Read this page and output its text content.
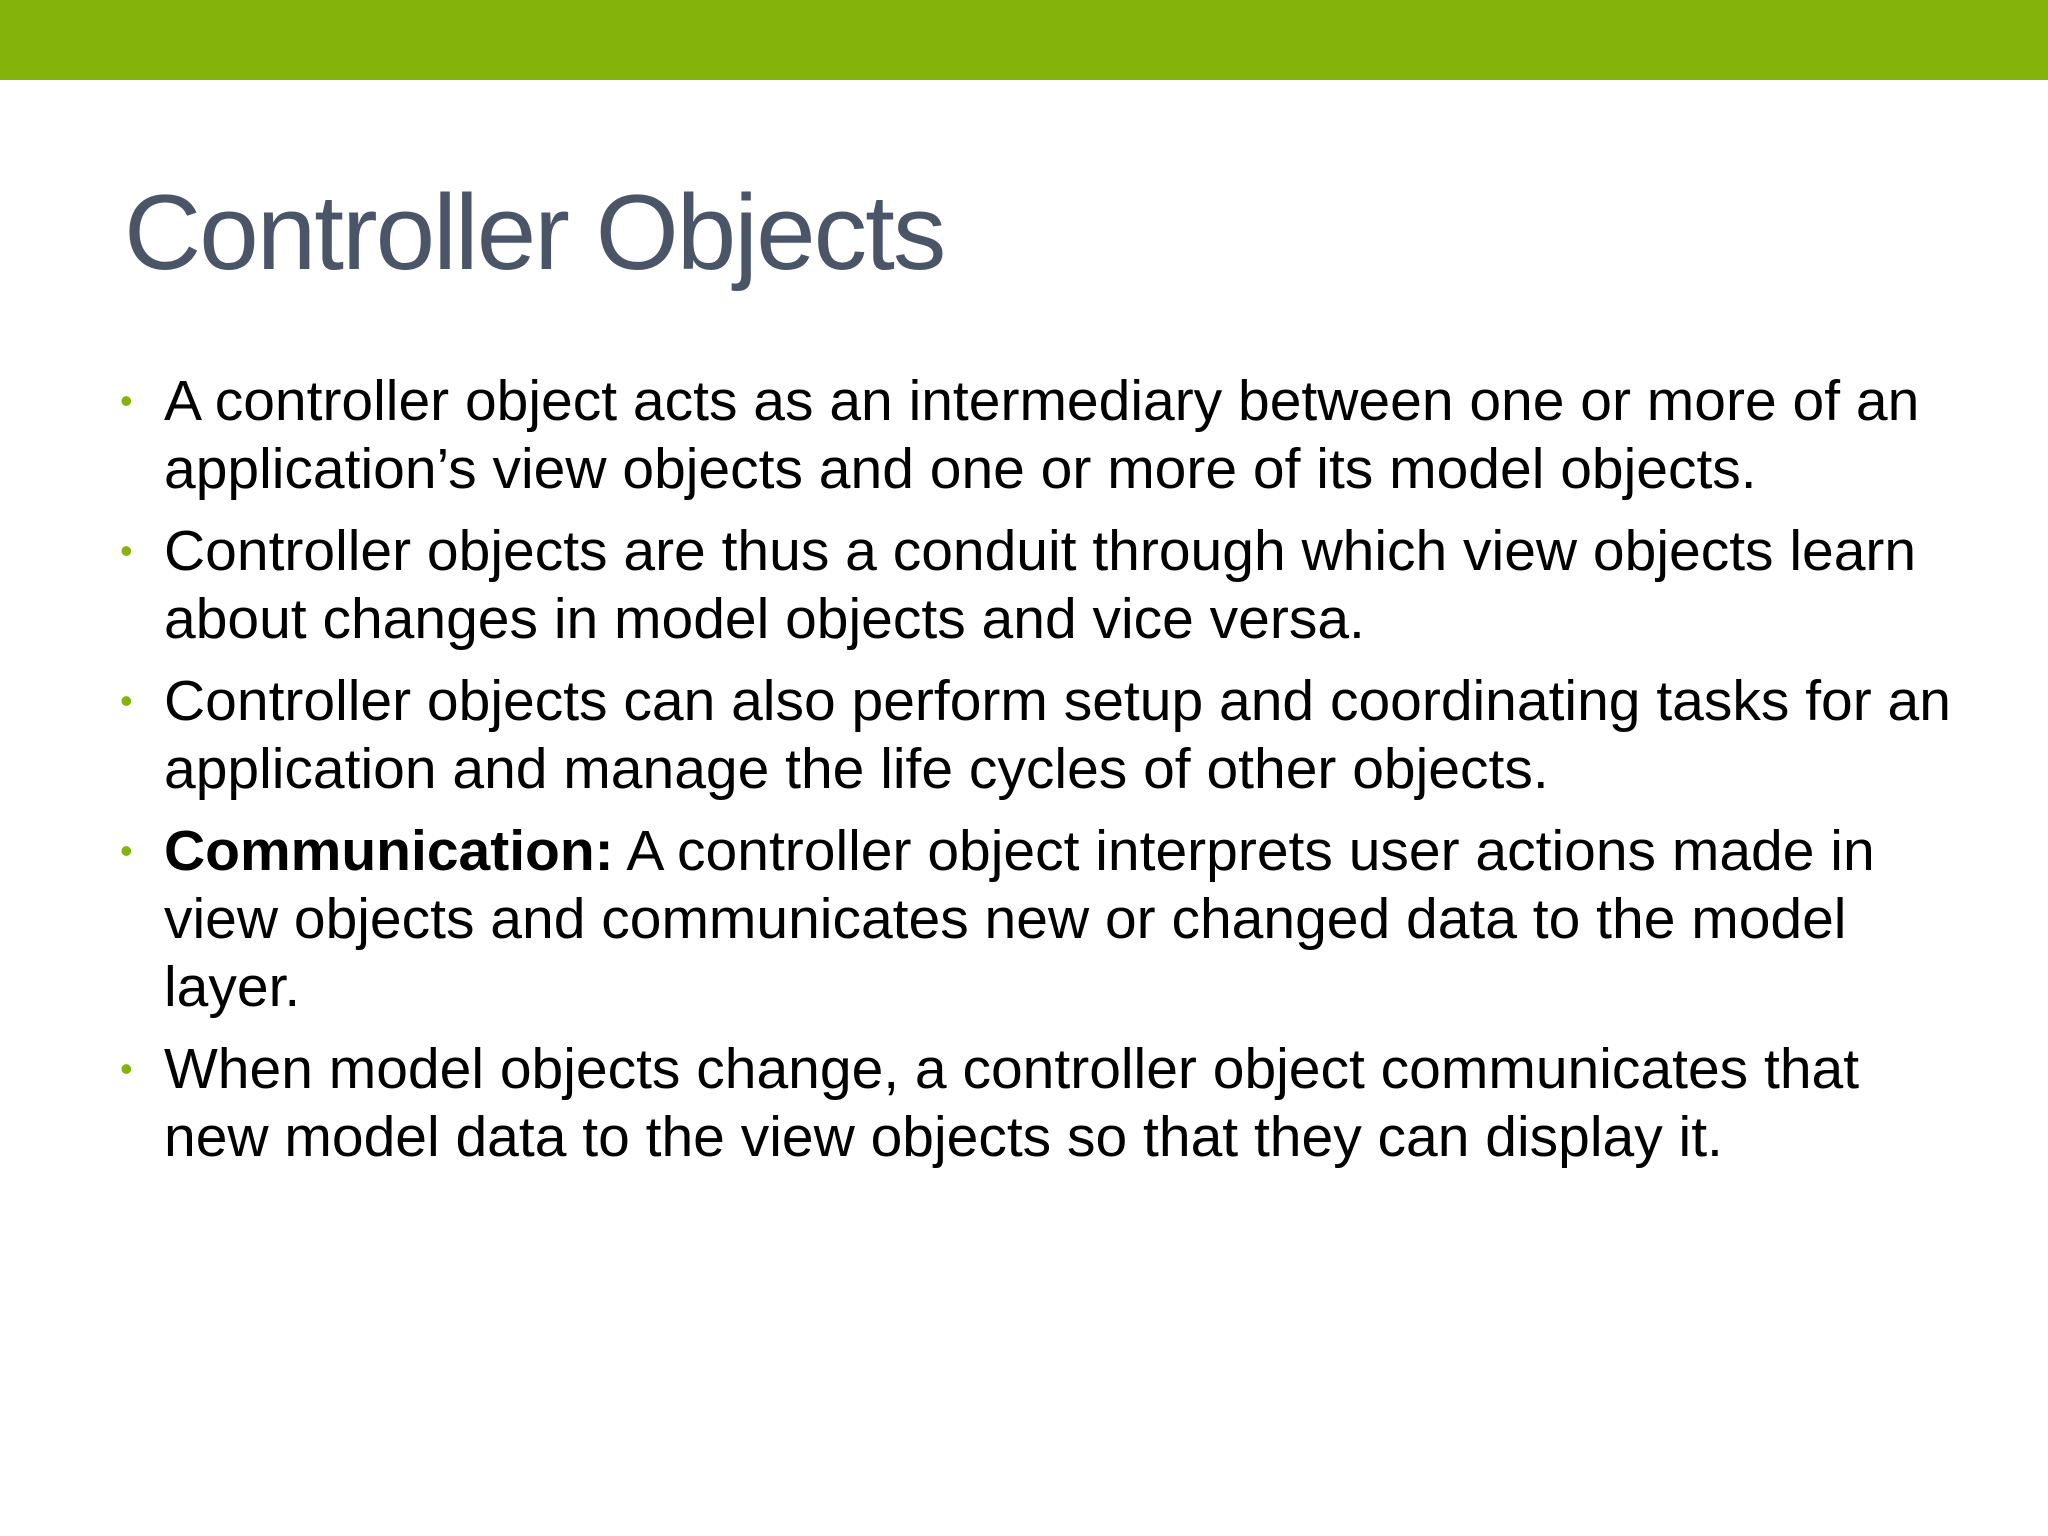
Controller Objects
• A controller object acts as an intermediary between one or more of an application’s view objects and one or more of its model objects.
• Controller objects are thus a conduit through which view objects learn about changes in model objects and vice versa.
• Controller objects can also perform setup and coordinating tasks for an application and manage the life cycles of other objects.
• Communication: A controller object interprets user actions made in view objects and communicates new or changed data to the model layer.
• When model objects change, a controller object communicates that new model data to the view objects so that they can display it.
